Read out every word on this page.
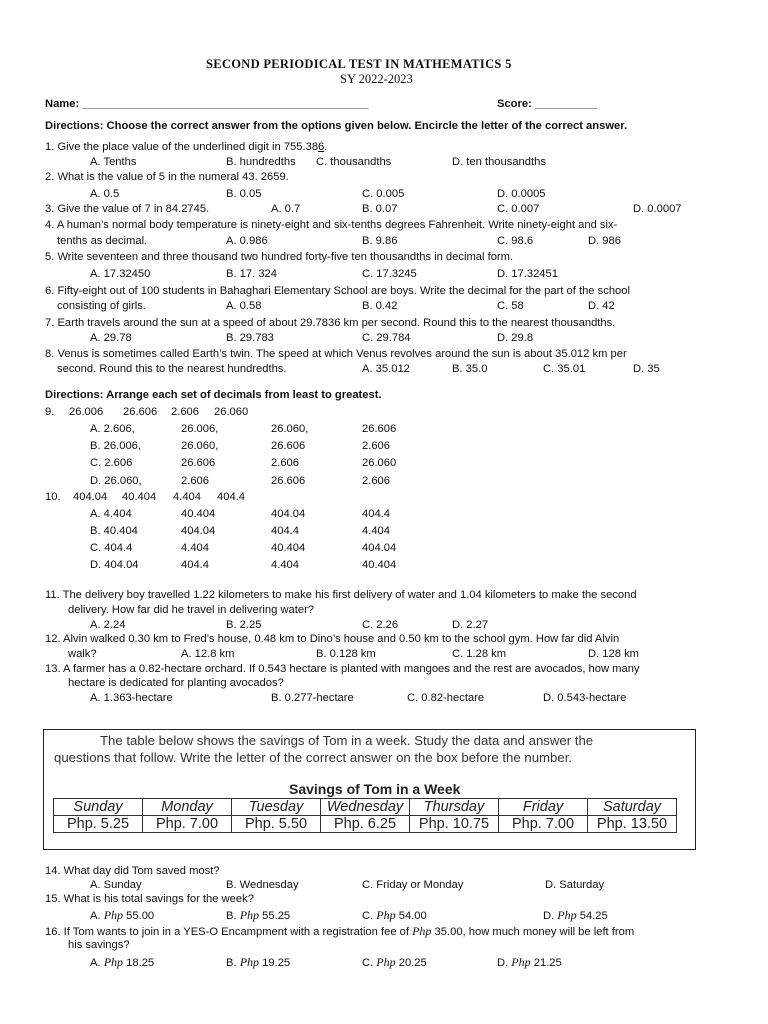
SECOND PERIODICAL TEST IN MATHEMATICS 5
SY 2022-2023
Name: ______________________________________________	Score: __________
Directions: Choose the correct answer from the options given below. Encircle the letter of the correct answer.
1. Give the place value of the underlined digit in 755.386.
A. Tenths	B. hundredths C. thousandths	D. ten thousandths
2. What is the value of 5 in the numeral 43. 2659.
A. 0.5	B. 0.05	C. 0.005	D. 0.0005
3. Give the value of 7 in 84.2745.	A. 0.7	B. 0.07	C. 0.007	D. 0.0007
4. A human’s normal body temperature is ninety-eight and six-tenths degrees Fahrenheit. Write ninety-eight and six-
tenths as decimal.	A. 0.986	B. 9.86	C. 98.6	D. 986
5. Write seventeen and three thousand two hundred forty-five ten thousandths in decimal form.
A. 17.32450	B. 17. 324	C. 17.3245	D. 17.32451
6. Fifty-eight out of 100 students in Bahaghari Elementary School are boys. Write the decimal for the part of the school
consisting of girls.	A. 0.58	B. 0.42	C. 58	D. 42
7. Earth travels around the sun at a speed of about 29.7836 km per second. Round this to the nearest thousandths.
A. 29.78	B. 29.783	C. 29.784	D. 29.8
8. Venus is sometimes called Earth’s twin. The speed at which Venus revolves around the sun is about 35.012 km per
second. Round this to the nearest hundredths.	A. 35.012	B. 35.0	C. 35.01	D. 35
Directions: Arrange each set of decimals from least to greatest.
9. 26.006 26.606 2.606 26.060
A. 2.606,	26.006,	26.060,	26.606
B. 26.006,	26.060,	26.606	2.606
C. 2.606	26.606	2.606	26.060
D. 26.060,	2.606	26.606	2.606
10. 404.04 40.404 4.404 404.4
A. 4.404	40.404	404.04	404.4
B. 40.404	404.04	404.4	4.404
C. 404.4	4.404	40.404	404.04
D. 404.04	404.4	4.404	40.404
11. The delivery boy travelled 1.22 kilometers to make his first delivery of water and 1.04 kilometers to make the second
delivery. How far did he travel in delivering water?
A. 2.24	B. 2.25	C. 2.26	D. 2.27
12. Alvin walked 0.30 km to Fred’s house, 0.48 km to Dino’s house and 0.50 km to the school gym. How far did Alvin
walk?	A. 12.8 km	B. 0.128 km	C. 1.28 km	D. 128 km
13. A farmer has a 0.82-hectare orchard. If 0.543 hectare is planted with mangoes and the rest are avocados, how many
hectare is dedicated for planting avocados?
A. 1.363-hectare	B. 0.277-hectare	C. 0.82-hectare	D. 0.543-hectare
The table below shows the savings of Tom in a week. Study the data and answer the
questions that follow. Write the letter of the correct answer on the box before the number.
Savings of Tom in a Week
Sunday	Monday	Tuesday	Wednesday	Thursday	Friday	Saturday
Php. 5.25	Php. 7.00	Php. 5.50	Php. 6.25	Php. 10.75	Php. 7.00	Php. 13.50
14. What day did Tom saved most?
A. Sunday	B. Wednesday	C. Friday or Monday	D. Saturday
15. What is his total savings for the week?
A. Php 55.00	B. Php 55.25	C. Php 54.00	D. Php 54.25
16. If Tom wants to join in a YES-O Encampment with a registration fee of Php 35.00, how much money will be left from
his savings?
A. Php 18.25	B. Php 19.25	C. Php 20.25	D. Php 21.25
